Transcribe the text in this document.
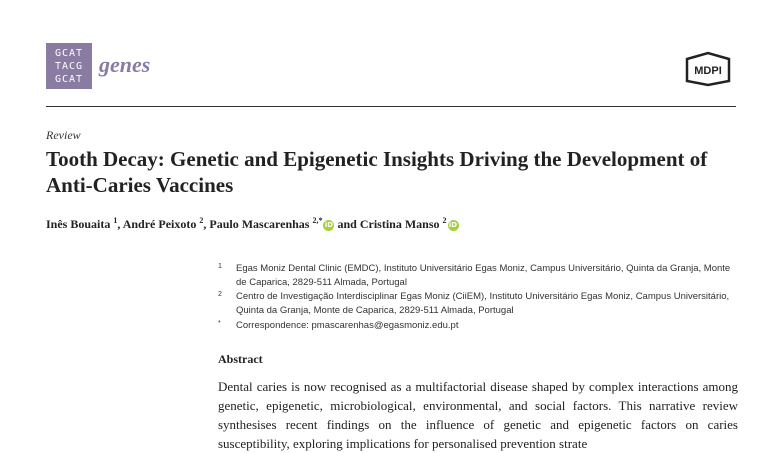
GCAT
TACG
GCAT
genes	MDPI
Review
Tooth Decay: Genetic and Epigenetic Insights Driving the Development of Anti-Caries Vaccines
Inês Bouaita $^1$, André Peixoto $^2$, Paulo Mascarenhas $^{2,*}$ iD and Cristina Manso $^2$ iD
1 Egas Moniz Dental Clinic (EMDC), Instituto Universitário Egas Moniz, Campus Universitário, Quinta da Granja, Monte de Caparica, 2829-511 Almada, Portugal
2 Centro de Investigação Interdisciplinar Egas Moniz (CiiEM), Instituto Universitário Egas Moniz, Campus Universitário, Quinta da Granja, Monte de Caparica, 2829-511 Almada, Portugal
* Correspondence: pmascarenhas@egasmoniz.edu.pt
Abstract
Dental caries is now recognised as a multifactorial disease shaped by complex interactions among genetic, epigenetic, microbiological, environmental, and social factors. This narrative review synthesises recent findings on the influence of genetic and epigenetic factors on caries susceptibility, exploring implications for personalised prevention strate
